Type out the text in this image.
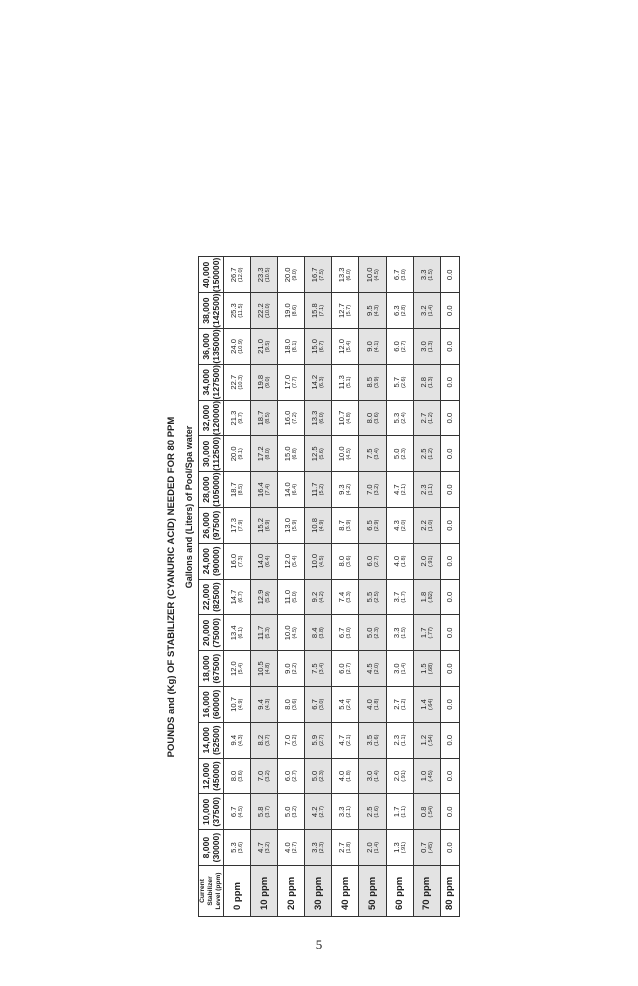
POUNDS and (Kg) OF STABILIZER (CYANURIC ACID) NEEDED FOR 80 PPM Gallons and (Liters) of Pool/Spa water
Current Stabilizer Level (ppm)	8,000 (30000)	10,000 (37500)	12,000 (45000)	14,000 (52500)	16,000 (60000)	18,000 (67500)	20,000 (75000)	22,000 (82500)	24,000 (90000)	26,000 (97500)	28,000 (105000)	30,000 (112500)	32,000 (120000)	34,000 (127500)	36,000 (135000)	38,000 (142500)	40,000 (150000)

0 ppm	5.3 (3.6)	6.7 (4.5)	8.0 (3.6)	9.4 (4.3)	10.7 (4.9)	12.0 (5.4)	13.4 (6.1)	14.7 (6.7)	16.0 (7.3)	17.3 (7.9)	18.7 (8.5)	20.0 (9.1)	21.3 (9.7)	22.7 (10.3)	24.0 (10.9)	25.3 (11.5)	26.7 (12.0)

10 ppm	4.7 (3.2)	5.8 (3.7)	7.0 (3.2)	8.2 (3.7)	9.4 (4.3)	10.5 (4.8)	11.7 (5.3)	12.9 (5.9)	14.0 (6.4)	15.2 (6.9)	16.4 (7.4)	17.2 (8.0)	18.7 (8.5)	19.8 (9.0)	21.0 (9.5)	22.2 (10.0)	23.3 (10.5)

20 ppm	4.0 (2.7)	5.0 (3.2)	6.0 (2.7)	7.0 (3.2)	8.0 (3.6)	9.0 (2.2)	10.0 (4.5)	11.0 (5.0)	12.0 (5.4)	13.0 (5.9)	14.0 (6.4)	15.0 (6.8)	16.0 (7.2)	17.0 (7.7)	18.0 (8.1)	19.0 (8.6)	20.0 (9.0)

30 ppm	3.3 (2.3)	4.2 (2.7)	5.0 (2.3)	5.9 (2.7)	6.7 (3.0)	7.5 (3.4)	8.4 (3.8)	9.2 (4.2)	10.0 (4.5)	10.8 (4.9)	11.7 (5.2)	12.5 (5.6)	13.3 (6.0)	14.2 (6.3)	15.0 (6.7)	15.8 (7.1)	16.7 (7.5)

40 ppm	2.7 (1.8)	3.3 (2.1)	4.0 (1.8)	4.7 (2.1)	5.4 (2.4)	6.0 (2.7)	6.7 (3.0)	7.4 (3.3)	8.0 (3.6)	8.7 (3.9)	9.3 (4.2)	10.0 (4.5)	10.7 (4.8)	11.3 (5.1)	12.0 (5.4)	12.7 (5.7)	13.3 (6.0)

50 ppm	2.0 (1.4)	2.5 (1.6)	3.0 (1.4)	3.5 (1.6)	4.0 (1.8)	4.5 (2.0)	5.0 (2.3)	5.5 (2.5)	6.0 (2.7)	6.5 (2.9)	7.0 (3.2)	7.5 (3.4)	8.0 (3.6)	8.5 (3.9)	9.0 (4.1)	9.5 (4.3)	10.0 (4.5)

60 ppm	1.3 (.91)	1.7 (1.1)	2.0 (.91)	2.3 (1.1)	2.7 (1.2)	3.0 (1.4)	3.3 (1.5)	3.7 (1.7)	4.0 (1.8)	4.3 (2.0)	4.7 (2.1)	5.0 (2.3)	5.3 (2.4)	5.7 (2.6)	6.0 (2.7)	6.3 (2.8)	6.7 (3.0)

70 ppm	0.7 (.45)	0.8 (.54)	1.0 (.45)	1.2 (.54)	1.4 (.64)	1.5 (.68)	1.7 (.77)	1.8 (.82)	2.0 (.91)	2.2 (1.0)	2.3 (1.1)	2.5 (1.2)	2.7 (1.2)	2.8 (1.3)	3.0 (1.3)	3.2 (1.4)	3.3 (1.5)

80 ppm	0.0	0.0	0.0	0.0	0.0	0.0	0.0	0.0	0.0	0.0	0.0	0.0	0.0	0.0	0.0	0.0	0.0
5
